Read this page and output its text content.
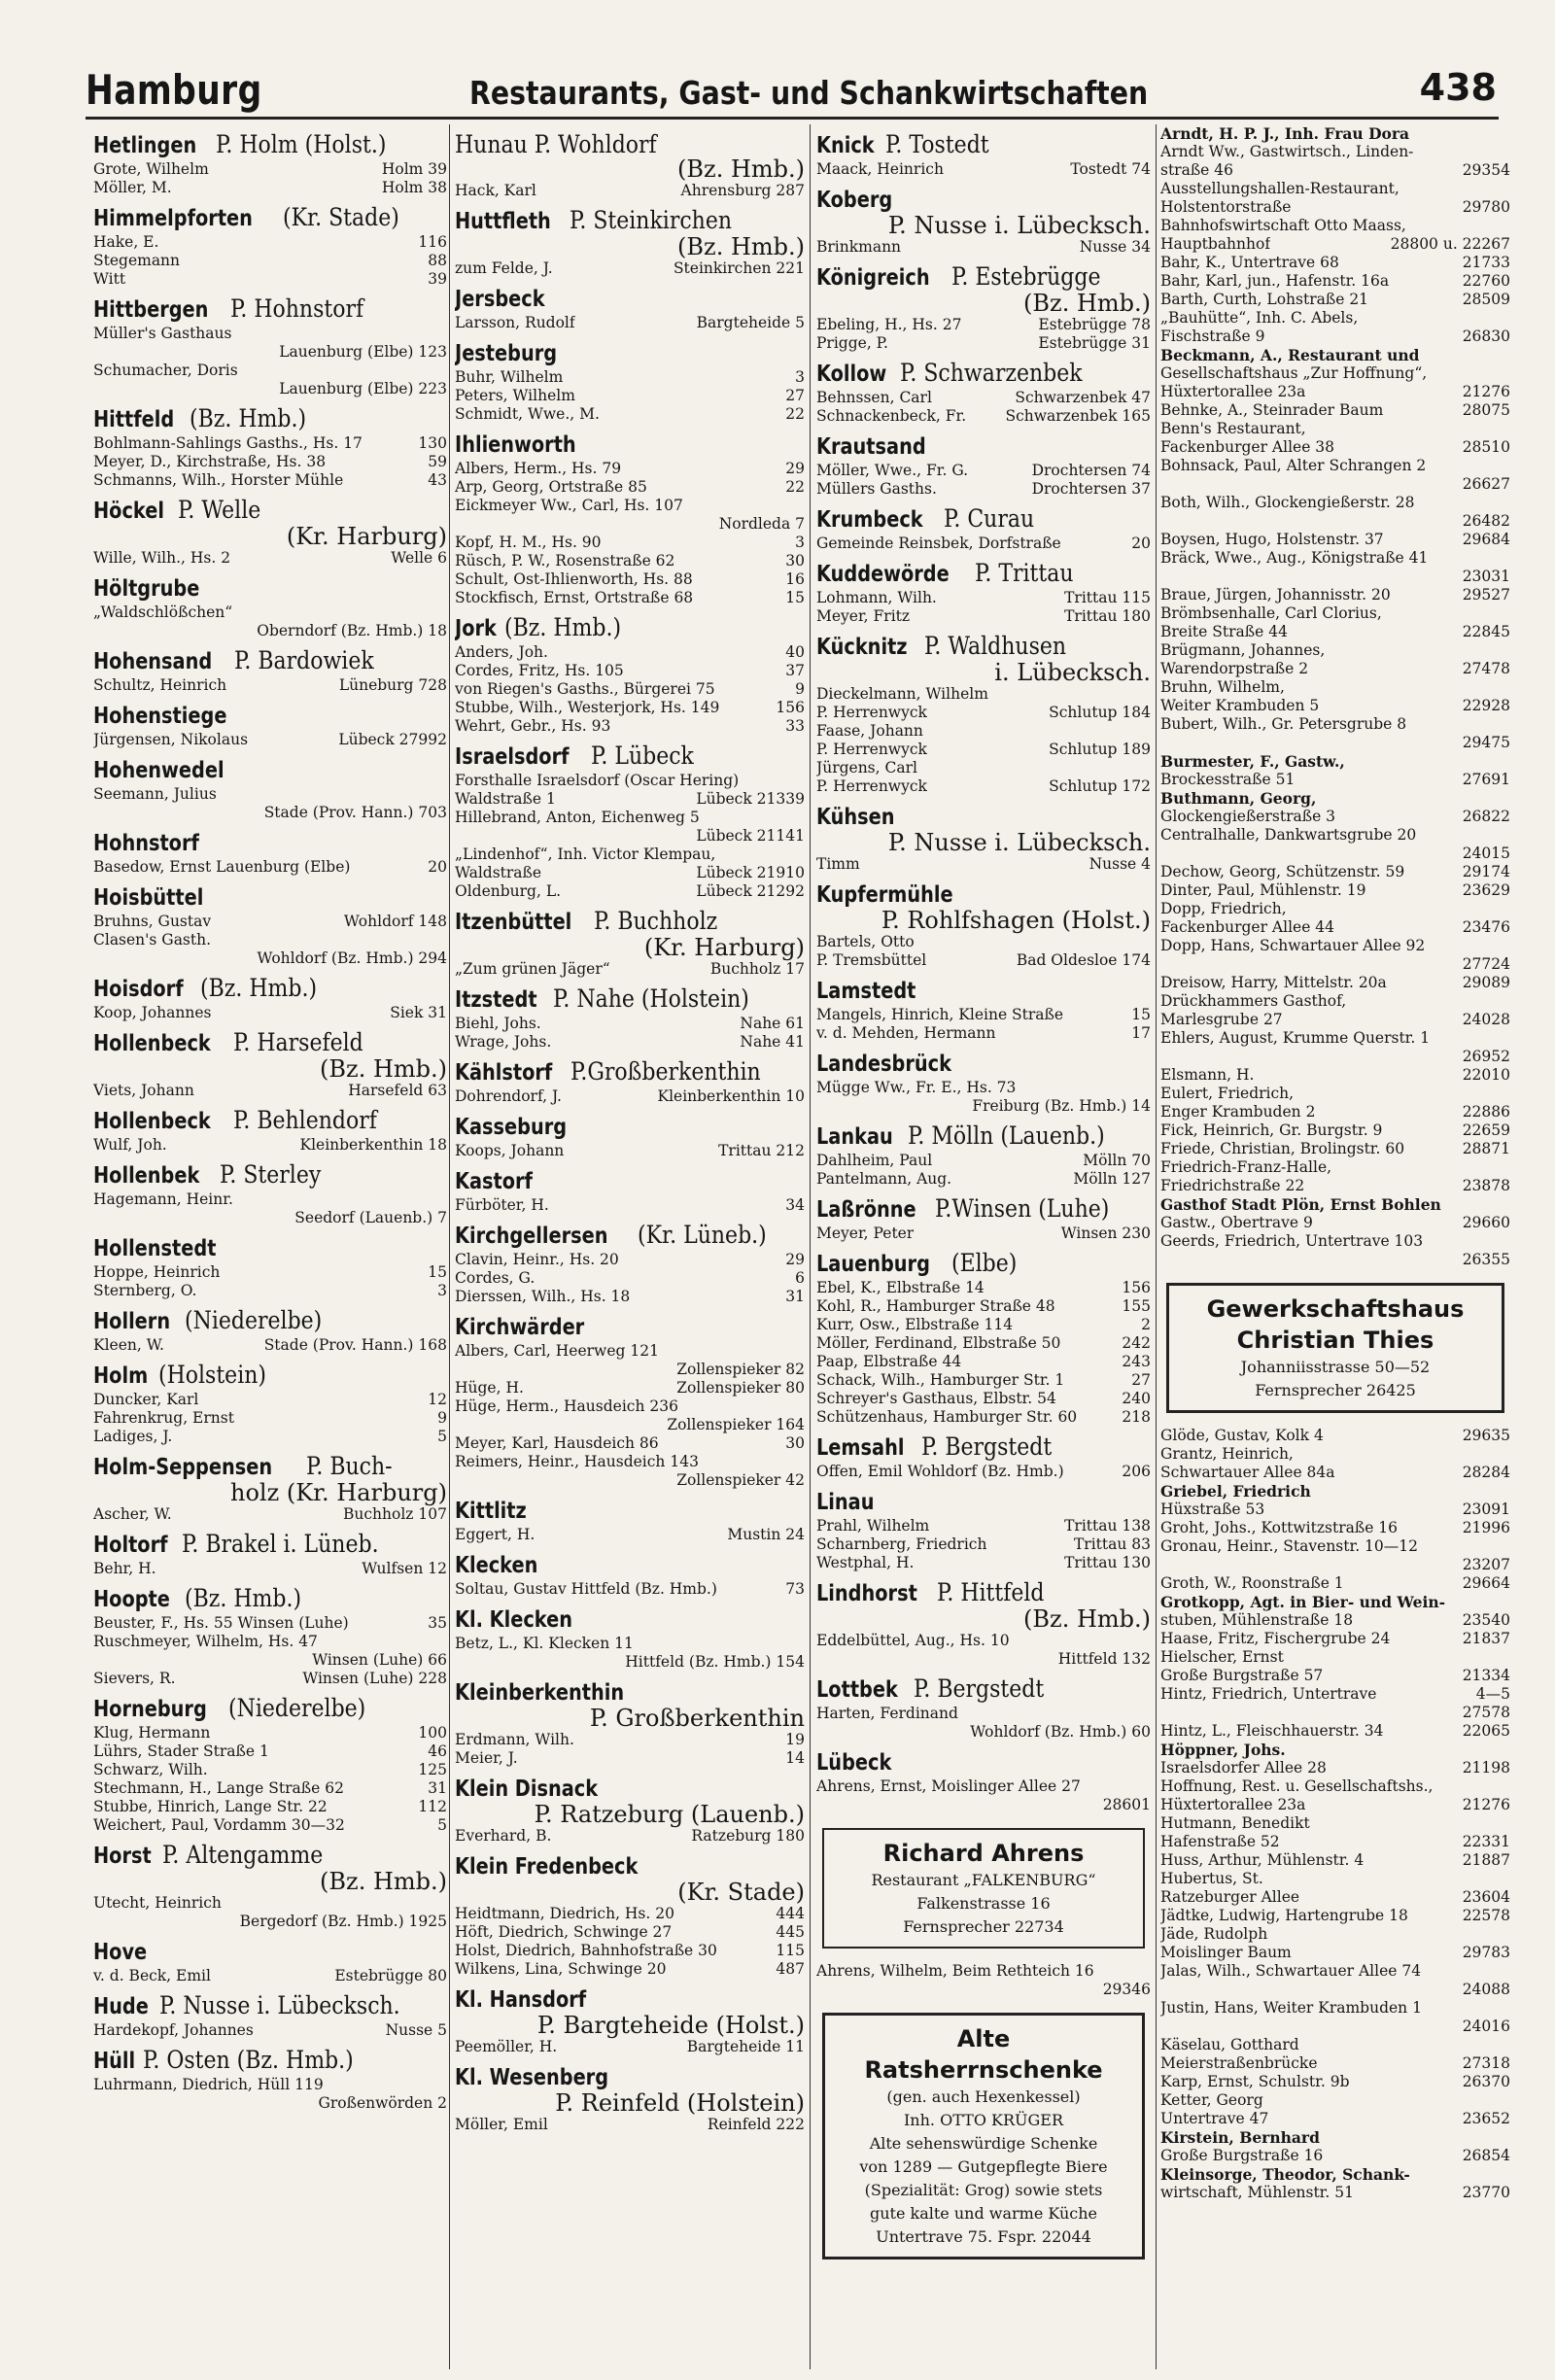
Hamburg	Restaurants, Gast- und Schankwirtschaften	438
HetlingenP. Holm (Holst.)
Grote, Wilhelm	Holm 39
Möller, M.	Holm 38
Himmelpforten(Kr. Stade)
Hake, E.	116
Stegemann	88
Witt	39
HittbergenP. Hohnstorf
Müller's Gasthaus
Lauenburg (Elbe) 123
Schumacher, Doris
Lauenburg (Elbe) 223
Hittfeld(Bz. Hmb.)
Bohlmann-Sahlings Gasths., Hs. 17	130
Meyer, D., Kirchstraße, Hs. 38	59
Schmanns, Wilh., Horster Mühle	43
HöckelP. Welle
(Kr. Harburg)
Wille, Wilh., Hs. 2	Welle 6
Höltgrube
„Waldschlößchen“
Oberndorf (Bz. Hmb.) 18
HohensandP. Bardowiek
Schultz, Heinrich	Lüneburg 728
Hohenstiege
Jürgensen, Nikolaus	Lübeck 27992
Hohenwedel
Seemann, Julius
Stade (Prov. Hann.) 703
Hohnstorf
Basedow, Ernst Lauenburg (Elbe)	20
Hoisbüttel
Bruhns, Gustav	Wohldorf 148
Clasen's Gasth.
Wohldorf (Bz. Hmb.) 294
Hoisdorf(Bz. Hmb.)
Koop, Johannes	Siek 31
HollenbeckP. Harsefeld
(Bz. Hmb.)
Viets, Johann	Harsefeld 63
HollenbeckP. Behlendorf
Wulf, Joh.	Kleinberkenthin 18
HollenbekP. Sterley
Hagemann, Heinr.
Seedorf (Lauenb.) 7
Hollenstedt
Hoppe, Heinrich	15
Sternberg, O.	3
Hollern(Niederelbe)
Kleen, W.	Stade (Prov. Hann.) 168
Holm(Holstein)
Duncker, Karl	12
Fahrenkrug, Ernst	9
Ladiges, J.	5
Holm-SeppensenP. Buch-
holz (Kr. Harburg)
Ascher, W.	Buchholz 107
HoltorfP. Brakel i. Lüneb.
Behr, H.	Wulfsen 12
Hoopte(Bz. Hmb.)
Beuster, F., Hs. 55 Winsen (Luhe)	35
Ruschmeyer, Wilhelm, Hs. 47
Winsen (Luhe) 66
Sievers, R.	Winsen (Luhe) 228
Horneburg(Niederelbe)
Klug, Hermann	100
Lührs, Stader Straße 1	46
Schwarz, Wilh.	125
Stechmann, H., Lange Straße 62	31
Stubbe, Hinrich, Lange Str. 22	112
Weichert, Paul, Vordamm 30—32	5
HorstP. Altengamme
(Bz. Hmb.)
Utecht, Heinrich
Bergedorf (Bz. Hmb.) 1925
Hove
v. d. Beck, Emil	Estebrügge 80
HudeP. Nusse i. Lübecksch.
Hardekopf, Johannes	Nusse 5
HüllP. Osten (Bz. Hmb.)
Luhrmann, Diedrich, Hüll 119
Großenwörden 2
Hunau P. Wohldorf
(Bz. Hmb.)
Hack, Karl	Ahrensburg 287
HuttflethP. Steinkirchen
(Bz. Hmb.)
zum Felde, J.	Steinkirchen 221
Jersbeck
Larsson, Rudolf	Bargteheide 5
Jesteburg
Buhr, Wilhelm	3
Peters, Wilhelm	27
Schmidt, Wwe., M.	22
Ihlienworth
Albers, Herm., Hs. 79	29
Arp, Georg, Ortstraße 85	22
Eickmeyer Ww., Carl, Hs. 107
Nordleda 7
Kopf, H. M., Hs. 90	3
Rüsch, P. W., Rosenstraße 62	30
Schult, Ost-Ihlienworth, Hs. 88	16
Stockfisch, Ernst, Ortstraße 68	15
Jork(Bz. Hmb.)
Anders, Joh.	40
Cordes, Fritz, Hs. 105	37
von Riegen's Gasths., Bürgerei 75	9
Stubbe, Wilh., Westerjork, Hs. 149	156
Wehrt, Gebr., Hs. 93	33
IsraelsdorfP. Lübeck
Forsthalle Israelsdorf (Oscar Hering)
Waldstraße 1	Lübeck 21339
Hillebrand, Anton, Eichenweg 5
Lübeck 21141
„Lindenhof“, Inh. Victor Klempau,
Waldstraße	Lübeck 21910
Oldenburg, L.	Lübeck 21292
ItzenbüttelP. Buchholz
(Kr. Harburg)
„Zum grünen Jäger“	Buchholz 17
ItzstedtP. Nahe (Holstein)
Biehl, Johs.	Nahe 61
Wrage, Johs.	Nahe 41
KählstorfP.Großberkenthin
Dohrendorf, J.	Kleinberkenthin 10
Kasseburg
Koops, Johann	Trittau 212
Kastorf
Fürböter, H.	34
Kirchgellersen(Kr. Lüneb.)
Clavin, Heinr., Hs. 20	29
Cordes, G.	6
Dierssen, Wilh., Hs. 18	31
Kirchwärder
Albers, Carl, Heerweg 121
Zollenspieker 82
Hüge, H.	Zollenspieker 80
Hüge, Herm., Hausdeich 236
Zollenspieker 164
Meyer, Karl, Hausdeich 86	30
Reimers, Heinr., Hausdeich 143
Zollenspieker 42
Kittlitz
Eggert, H.	Mustin 24
Klecken
Soltau, Gustav Hittfeld (Bz. Hmb.)	73
Kl. Klecken
Betz, L., Kl. Klecken 11
Hittfeld (Bz. Hmb.) 154
Kleinberkenthin
P. Großberkenthin
Erdmann, Wilh.	19
Meier, J.	14
Klein Disnack
P. Ratzeburg (Lauenb.)
Everhard, B.	Ratzeburg 180
Klein Fredenbeck
(Kr. Stade)
Heidtmann, Diedrich, Hs. 20	444
Höft, Diedrich, Schwinge 27	445
Holst, Diedrich, Bahnhofstraße 30	115
Wilkens, Lina, Schwinge 20	487
Kl. Hansdorf
P. Bargteheide (Holst.)
Peemöller, H.	Bargteheide 11
Kl. Wesenberg
P. Reinfeld (Holstein)
Möller, Emil	Reinfeld 222
KnickP. Tostedt
Maack, Heinrich	Tostedt 74
Koberg
P. Nusse i. Lübecksch.
Brinkmann	Nusse 34
KönigreichP. Estebrügge
(Bz. Hmb.)
Ebeling, H., Hs. 27	Estebrügge 78
Prigge, P.	Estebrügge 31
KollowP. Schwarzenbek
Behnssen, Carl	Schwarzenbek 47
Schnackenbeck, Fr.	Schwarzenbek 165
Krautsand
Möller, Wwe., Fr. G.	Drochtersen 74
Müllers Gasths.	Drochtersen 37
KrumbeckP. Curau
Gemeinde Reinsbek, Dorfstraße	20
KuddewördeP. Trittau
Lohmann, Wilh.	Trittau 115
Meyer, Fritz	Trittau 180
KücknitzP. Waldhusen
i. Lübecksch.
Dieckelmann, Wilhelm
P. Herrenwyck	Schlutup 184
Faase, Johann
P. Herrenwyck	Schlutup 189
Jürgens, Carl
P. Herrenwyck	Schlutup 172
Kühsen
P. Nusse i. Lübecksch.
Timm	Nusse 4
Kupfermühle
P. Rohlfshagen (Holst.)
Bartels, Otto
P. Tremsbüttel	Bad Oldesloe 174
Lamstedt
Mangels, Hinrich, Kleine Straße	15
v. d. Mehden, Hermann	17
Landesbrück
Mügge Ww., Fr. E., Hs. 73
Freiburg (Bz. Hmb.) 14
LankauP. Mölln (Lauenb.)
Dahlheim, Paul	Mölln 70
Pantelmann, Aug.	Mölln 127
LaßrönneP.Winsen (Luhe)
Meyer, Peter	Winsen 230
Lauenburg(Elbe)
Ebel, K., Elbstraße 14	156
Kohl, R., Hamburger Straße 48	155
Kurr, Osw., Elbstraße 114	2
Möller, Ferdinand, Elbstraße 50	242
Paap, Elbstraße 44	243
Schack, Wilh., Hamburger Str. 1	27
Schreyer's Gasthaus, Elbstr. 54	240
Schützenhaus, Hamburger Str. 60	218
LemsahlP. Bergstedt
Offen, Emil Wohldorf (Bz. Hmb.)	206
Linau
Prahl, Wilhelm	Trittau 138
Scharnberg, Friedrich	Trittau 83
Westphal, H.	Trittau 130
LindhorstP. Hittfeld
(Bz. Hmb.)
Eddelbüttel, Aug., Hs. 10
Hittfeld 132
LottbekP. Bergstedt
Harten, Ferdinand
Wohldorf (Bz. Hmb.) 60
Lübeck
Ahrens, Ernst, Moislinger Allee 27
28601
Richard Ahrens
Restaurant „FALKENBURG“
Falkenstrasse 16
Fernsprecher 22734
Ahrens, Wilhelm, Beim Rethteich 16
29346
Alte Ratsherrnschenke
(gen. auch Hexenkessel)
Inh. OTTO KRÜGER
Alte sehenswürdige Schenke
von 1289 — Gutgepflegte Biere
(Spezialität: Grog) sowie stets
gute kalte und warme Küche
Untertrave 75. Fspr. 22044
Arndt, H. P. J., Inh. Frau Dora
Arndt Ww., Gastwirtsch., Linden-
straße 46	29354
Ausstellungshallen-Restaurant,
Holstentorstraße	29780
Bahnhofswirtschaft Otto Maass,
Hauptbahnhof	28800 u. 22267
Bahr, K., Untertrave 68	21733
Bahr, Karl, jun., Hafenstr. 16a	22760
Barth, Curth, Lohstraße 21	28509
„Bauhütte“, Inh. C. Abels,
Fischstraße 9	26830
Beckmann, A., Restaurant und
Gesellschaftshaus „Zur Hoffnung“,
Hüxtertorallee 23a	21276
Behnke, A., Steinrader Baum	28075
Benn's Restaurant,
Fackenburger Allee 38	28510
Bohnsack, Paul, Alter Schrangen 2
26627
Both, Wilh., Glockengießerstr. 28
26482
Boysen, Hugo, Holstenstr. 37	29684
Bräck, Wwe., Aug., Königstraße 41
23031
Braue, Jürgen, Johannisstr. 20	29527
Brömbsenhalle, Carl Clorius,
Breite Straße 44	22845
Brügmann, Johannes,
Warendorpstraße 2	27478
Bruhn, Wilhelm,
Weiter Krambuden 5	22928
Bubert, Wilh., Gr. Petersgrube 8
29475
Burmester, F., Gastw.,
Brockesstraße 51	27691
Buthmann, Georg,
Glockengießerstraße 3	26822
Centralhalle, Dankwartsgrube 20
24015
Dechow, Georg, Schützenstr. 59	29174
Dinter, Paul, Mühlenstr. 19	23629
Dopp, Friedrich,
Fackenburger Allee 44	23476
Dopp, Hans, Schwartauer Allee 92
27724
Dreisow, Harry, Mittelstr. 20a	29089
Drückhammers Gasthof,
Marlesgrube 27	24028
Ehlers, August, Krumme Querstr. 1
26952
Elsmann, H.	22010
Eulert, Friedrich,
Enger Krambuden 2	22886
Fick, Heinrich, Gr. Burgstr. 9	22659
Friede, Christian, Brolingstr. 60	28871
Friedrich-Franz-Halle,
Friedrichstraße 22	23878
Gasthof Stadt Plön, Ernst Bohlen
Gastw., Obertrave 9	29660
Geerds, Friedrich, Untertrave 103
26355
Gewerkschaftshaus
Christian Thies
Johanniisstrasse 50—52
Fernsprecher 26425
Glöde, Gustav, Kolk 4	29635
Grantz, Heinrich,
Schwartauer Allee 84a	28284
Griebel, Friedrich
Hüxstraße 53	23091
Groht, Johs., Kottwitzstraße 16	21996
Gronau, Heinr., Stavenstr. 10—12
23207
Groth, W., Roonstraße 1	29664
Grotkopp, Agt. in Bier- und Wein-
stuben, Mühlenstraße 18	23540
Haase, Fritz, Fischergrube 24	21837
Hielscher, Ernst
Große Burgstraße 57	21334
Hintz, Friedrich, Untertrave	4—5
27578
Hintz, L., Fleischhauerstr. 34	22065
Höppner, Johs.
Israelsdorfer Allee 28	21198
Hoffnung, Rest. u. Gesellschaftshs.,
Hüxtertorallee 23a	21276
Hutmann, Benedikt
Hafenstraße 52	22331
Huss, Arthur, Mühlenstr. 4	21887
Hubertus, St.
Ratzeburger Allee	23604
Jädtke, Ludwig, Hartengrube 18	22578
Jäde, Rudolph
Moislinger Baum	29783
Jalas, Wilh., Schwartauer Allee 74
24088
Justin, Hans, Weiter Krambuden 1
24016
Käselau, Gotthard
Meierstraßenbrücke	27318
Karp, Ernst, Schulstr. 9b	26370
Ketter, Georg
Untertrave 47	23652
Kirstein, Bernhard
Große Burgstraße 16	26854
Kleinsorge, Theodor, Schank-
wirtschaft, Mühlenstr. 51	23770
